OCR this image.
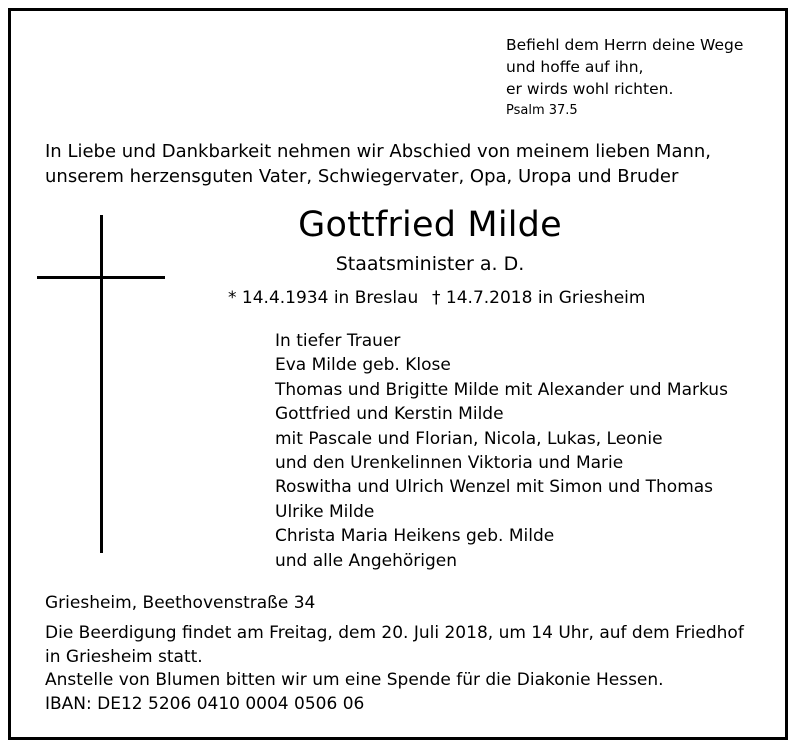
Befiehl dem Herrn deine Wege
und hoffe auf ihn,
er wirds wohl richten.
Psalm 37.5
In Liebe und Dankbarkeit nehmen wir Abschied von meinem lieben Mann,
unserem herzensguten Vater, Schwiegervater, Opa, Uropa und Bruder
Gottfried Milde
Staatsminister a. D.
* 14.4.1934 in Breslau † 14.7.2018 in Griesheim
In tiefer Trauer
Eva Milde geb. Klose
Thomas und Brigitte Milde mit Alexander und Markus
Gottfried und Kerstin Milde
mit Pascale und Florian, Nicola, Lukas, Leonie
und den Urenkelinnen Viktoria und Marie
Roswitha und Ulrich Wenzel mit Simon und Thomas
Ulrike Milde
Christa Maria Heikens geb. Milde
und alle Angehörigen
Griesheim, Beethovenstraße 34
Die Beerdigung findet am Freitag, dem 20. Juli 2018, um 14 Uhr, auf dem Friedhof
in Griesheim statt.
Anstelle von Blumen bitten wir um eine Spende für die Diakonie Hessen.
IBAN: DE12 5206 0410 0004 0506 06
